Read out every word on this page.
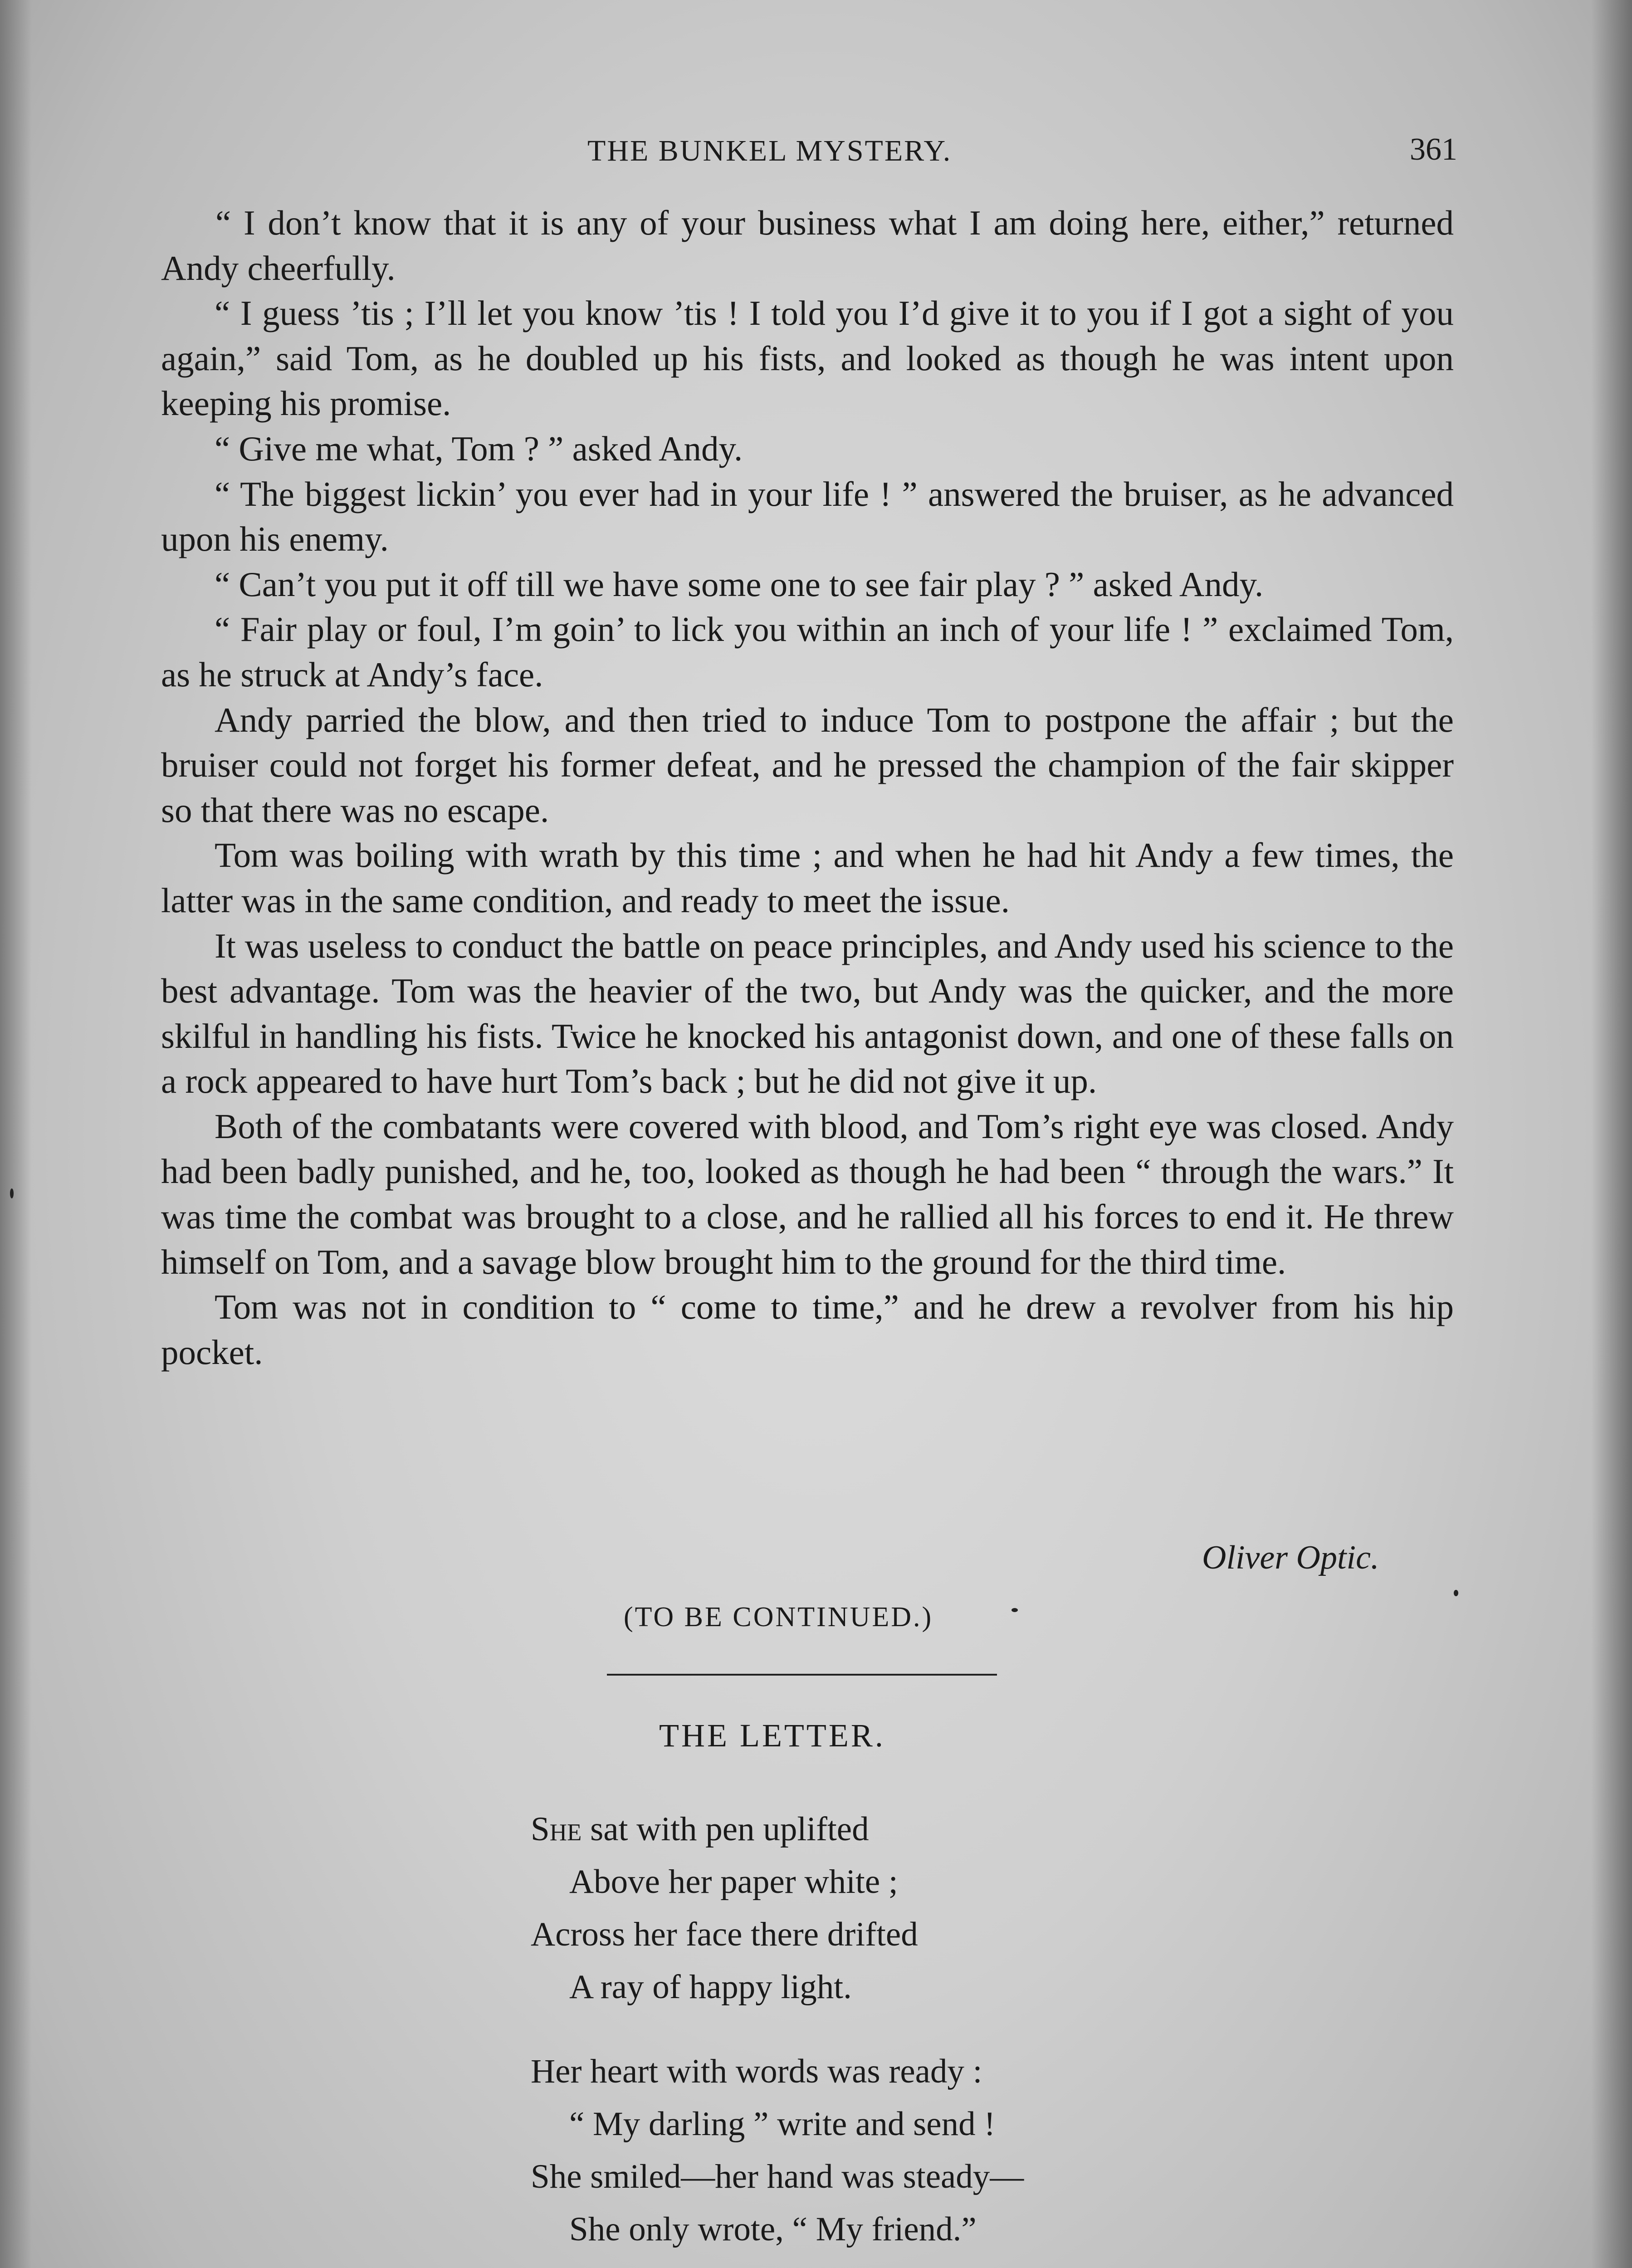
THE BUNKEL MYSTERY.	361

“ I don’t know that it is any of your business what I am doing here, either,” returned Andy cheerfully.

“ I guess ’tis ; I’ll let you know ’tis ! I told you I’d give it to you if I got a sight of you again,” said Tom, as he doubled up his fists, and looked as though he was intent upon keeping his promise.

“ Give me what, Tom ? ” asked Andy.

“ The biggest lickin’ you ever had in your life ! ” answered the bruiser, as he advanced upon his enemy.

“ Can’t you put it off till we have some one to see fair play ? ” asked Andy.

“ Fair play or foul, I’m goin’ to lick you within an inch of your life ! ” exclaimed Tom, as he struck at Andy’s face.

Andy parried the blow, and then tried to induce Tom to postpone the affair ; but the bruiser could not forget his former defeat, and he pressed the champion of the fair skipper so that there was no escape.

Tom was boiling with wrath by this time ; and when he had hit Andy a few times, the latter was in the same condition, and ready to meet the issue.

It was useless to conduct the battle on peace principles, and Andy used his science to the best advantage. Tom was the heavier of the two, but Andy was the quicker, and the more skilful in handling his fists. Twice he knocked his antagonist down, and one of these falls on a rock appeared to have hurt Tom’s back ; but he did not give it up.

Both of the combatants were covered with blood, and Tom’s right eye was closed. Andy had been badly punished, and he, too, looked as though he had been “ through the wars.” It was time the combat was brought to a close, and he rallied all his forces to end it. He threw himself on Tom, and a savage blow brought him to the ground for the third time.

Tom was not in condition to “ come to time,” and he drew a revolver from his hip pocket.

Oliver Optic.
(TO BE CONTINUED.)
THE LETTER.
She sat with pen uplifted
Above her paper white ;
Across her face there drifted
A ray of happy light.
Her heart with words was ready :
“ My darling ” write and send !
She smiled—her hand was steady—
She only wrote, “ My friend.”
